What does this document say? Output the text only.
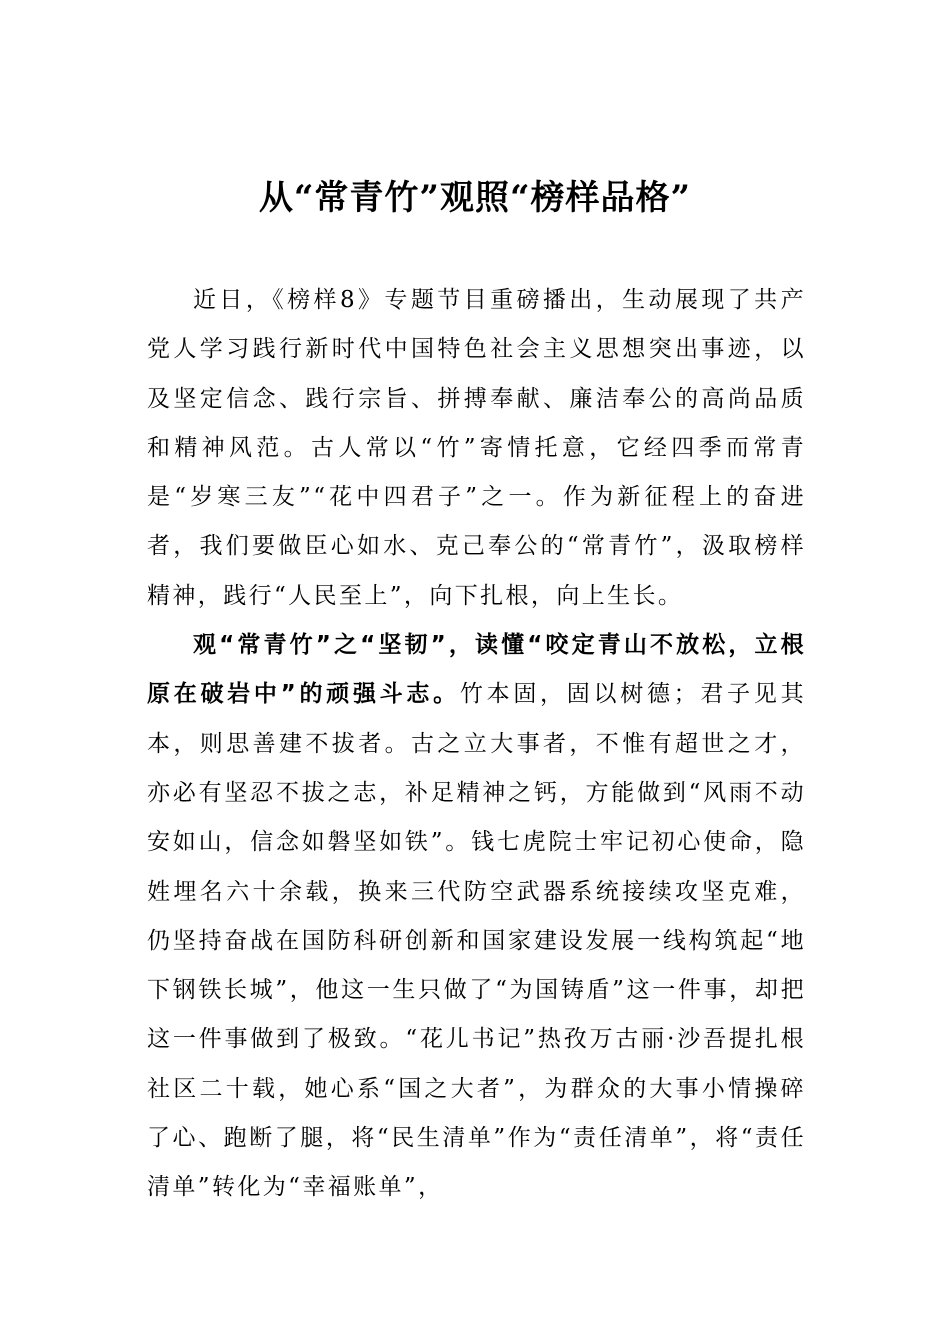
从“常青竹”观照“榜样品格”

近日，《榜样8》专题节目重磅播出，生动展现了共产党人学习践行新时代中国特色社会主义思想突出事迹，以及坚定信念、践行宗旨、拼搏奉献、廉洁奉公的高尚品质和精神风范。古人常以“竹”寄情托意，它经四季而常青是“岁寒三友”“花中四君子”之一。作为新征程上的奋进者，我们要做臣心如水、克己奉公的“常青竹”，汲取榜样精神，践行“人民至上”，向下扎根，向上生长。

观“常青竹”之“坚韧”，读懂“咬定青山不放松，立根原在破岩中”的顽强斗志。竹本固，固以树德；君子见其本，则思善建不拔者。古之立大事者，不惟有超世之才，亦必有坚忍不拔之志，补足精神之钙，方能做到“风雨不动安如山，信念如磐坚如铁”。钱七虎院士牢记初心使命，隐姓埋名六十余载，换来三代防空武器系统接续攻坚克难，仍坚持奋战在国防科研创新和国家建设发展一线构筑起“地下钢铁长城”，他这一生只做了“为国铸盾”这一件事，却把这一件事做到了极致。“花儿书记”热孜万古丽·沙吾提扎根社区二十载，她心系“国之大者”，为群众的大事小情操碎了心、跑断了腿，将“民生清单”作为“责任清单”，将“责任清单”转化为“幸福账单”，
